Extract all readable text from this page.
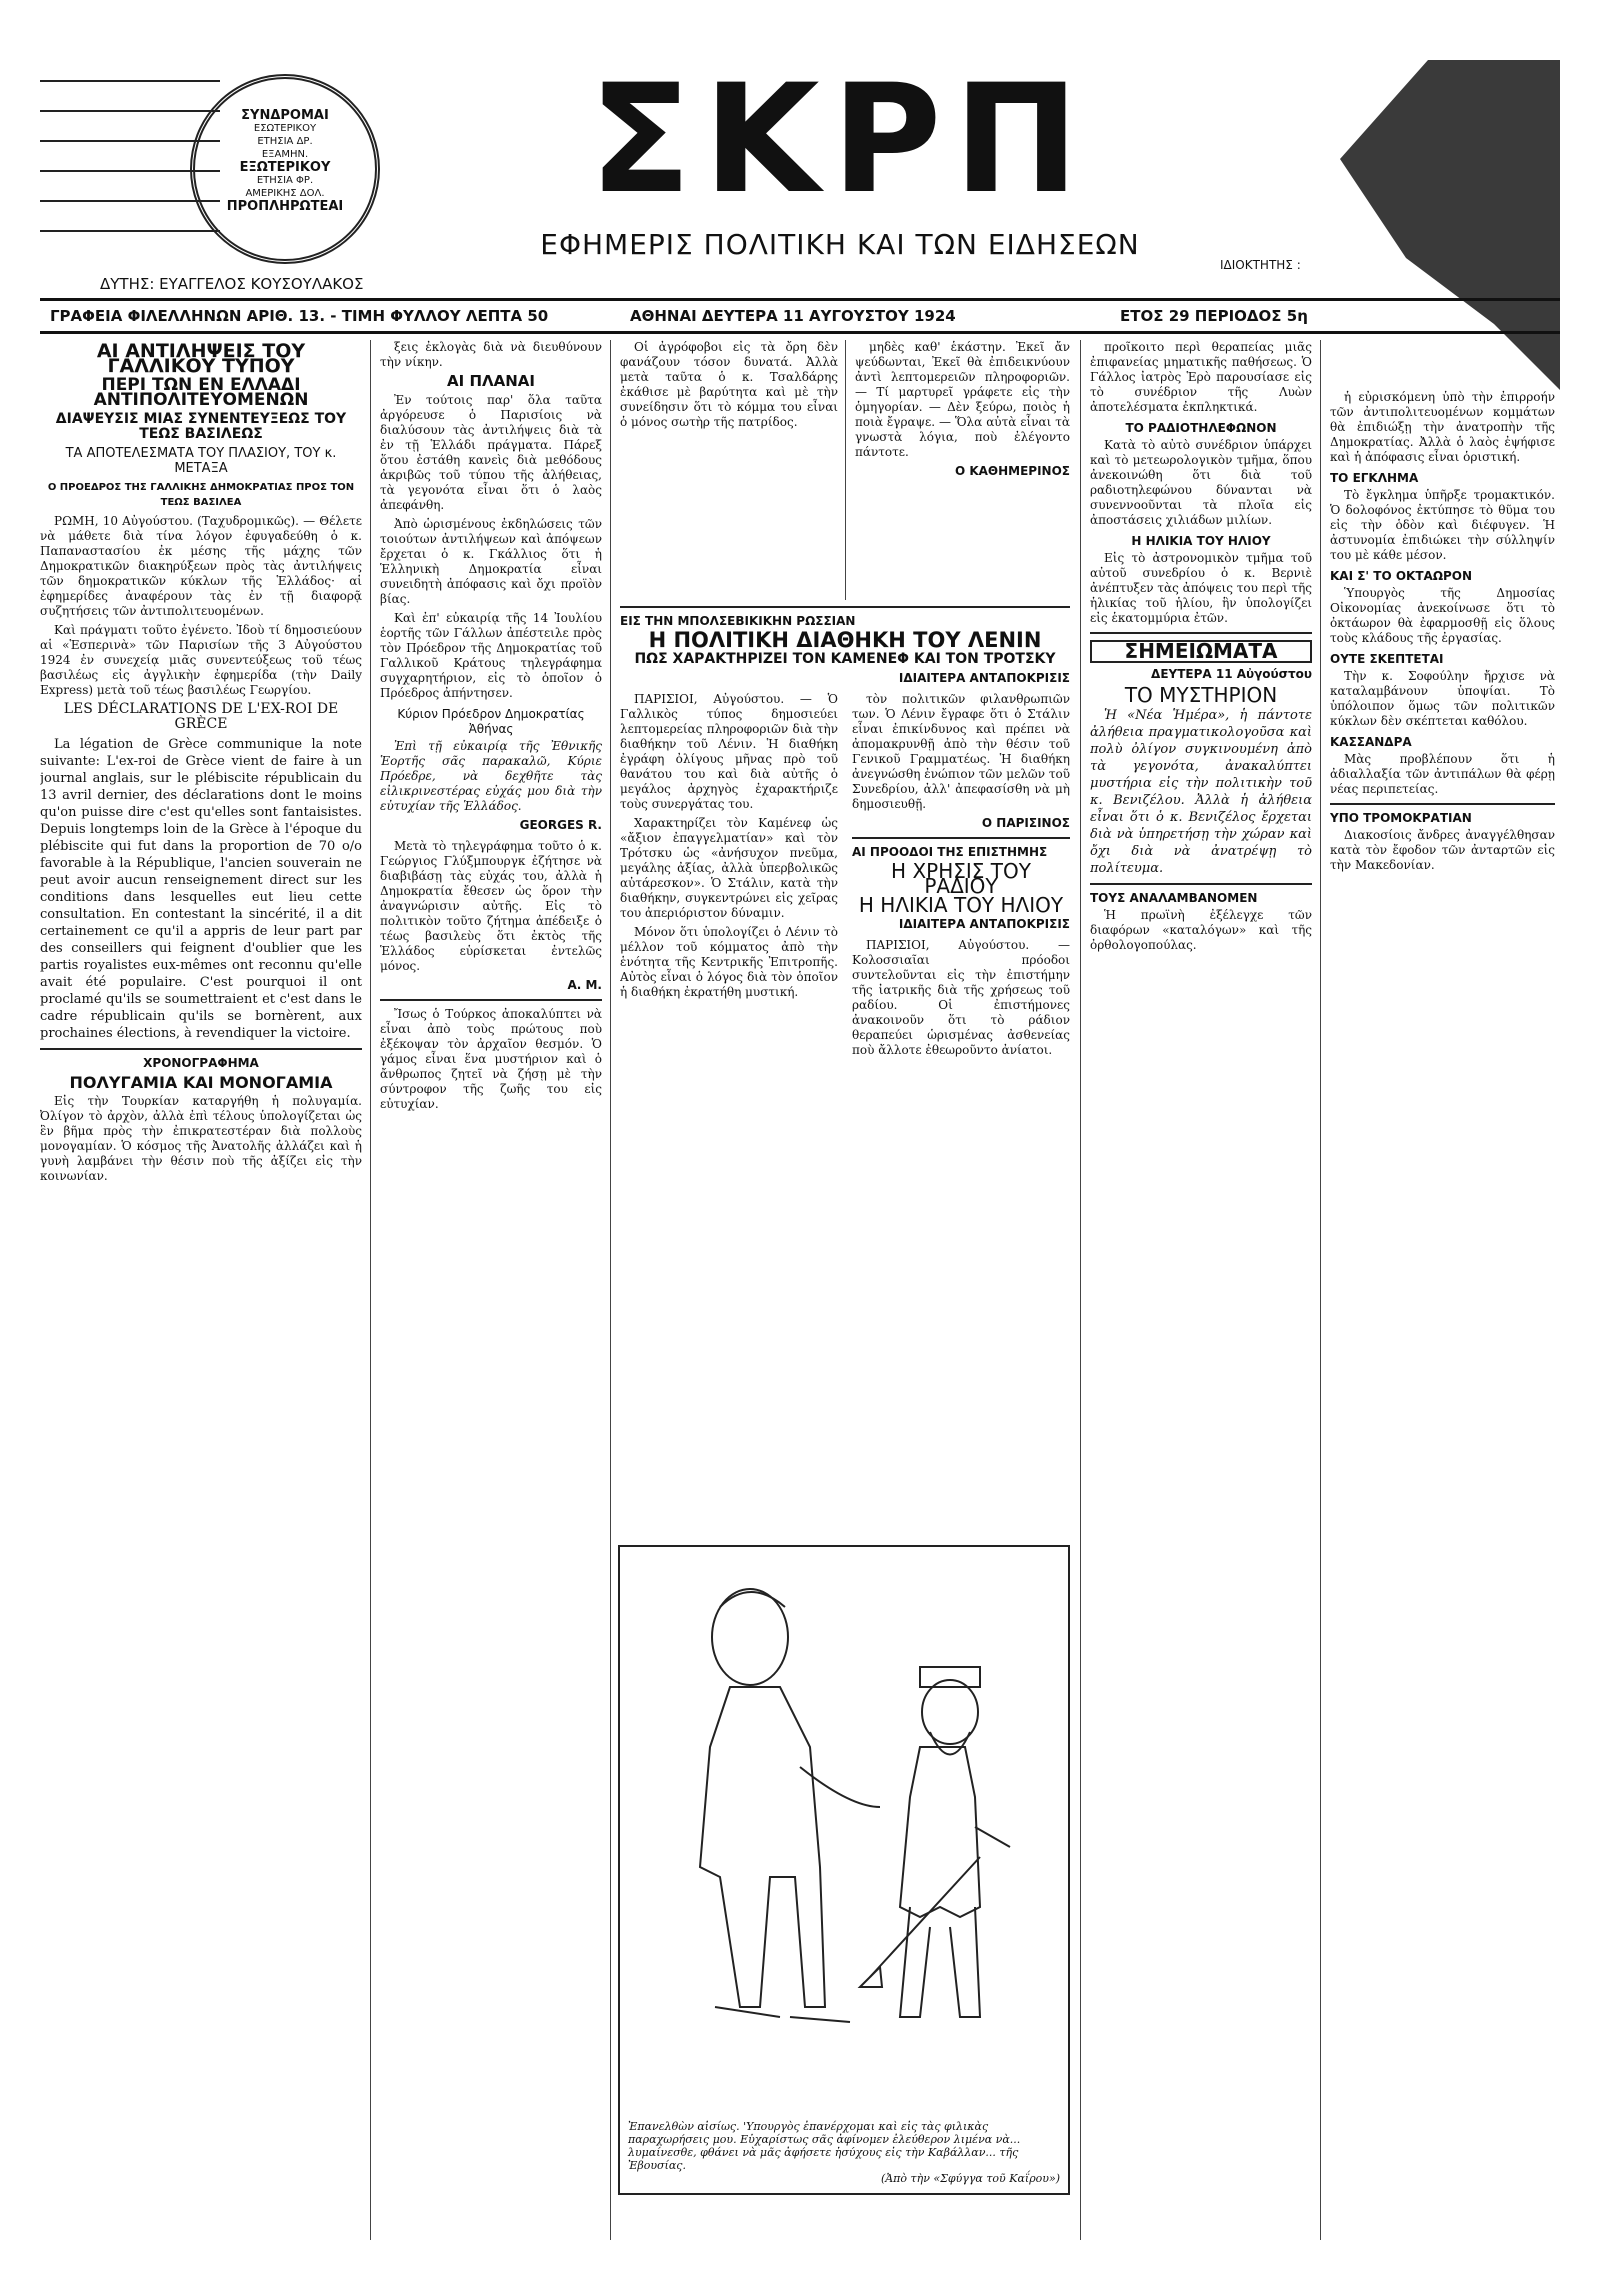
ΣΥΝΔΡΟΜΑΙ
ΕΣΩΤΕΡΙΚΟΥ
ΕΤΗΣΙΑ ΔΡ.
ΕΞΑΜΗΝ.
ΕΞΩΤΕΡΙΚΟΥ
ΕΤΗΣΙΑ ΦΡ.
ΑΜΕΡΙΚΗΣ ΔΟΛ.
ΠΡΟΠΛΗΡΩΤΕΑΙ ΣΚΡΠ
ΕΦΗΜΕΡΙΣ ΠΟΛΙΤΙΚΗ ΚΑΙ ΤΩΝ ΕΙΔΗΣΕΩΝ
ΔΥΤΗΣ: ΕΥΑΓΓΕΛΟΣ ΚΟΥΣΟΥΛΑΚΟΣ
ΙΔΙΟΚΤΗΤΗΣ :
ΓΡΑΦΕΙΑ ΦΙΛΕΛΛΗΝΩΝ ΑΡΙΘ. 13. - ΤΙΜΗ ΦΥΛΛΟΥ ΛΕΠΤΑ 50	ΑΘΗΝΑΙ ΔΕΥΤΕΡΑ 11 ΑΥΓΟΥΣΤΟΥ 1924	ΕΤΟΣ 29 ΠΕΡΙΟΔΟΣ 5η
ΑΙ ΑΝΤΙΛΗΨΕΙΣ ΤΟΥ ΓΑΛΛΙΚΟΥ ΤΥΠΟΥ
ΠΕΡΙ ΤΩΝ ΕΝ ΕΛΛΑΔΙ ΑΝΤΙΠΟΛΙΤΕΥΟΜΕΝΩΝ
ΔΙΑΨΕΥΣΙΣ ΜΙΑΣ ΣΥΝΕΝΤΕΥΞΕΩΣ ΤΟΥ ΤΕΩΣ ΒΑΣΙΛΕΩΣ
ΤΑ ΑΠΟΤΕΛΕΣΜΑΤΑ ΤΟΥ ΠΛΑΣΙΟΥ, ΤΟΥ κ. ΜΕΤΑΞΑ
Ο ΠΡΟΕΔΡΟΣ ΤΗΣ ΓΑΛΛΙΚΗΣ ΔΗΜΟΚΡΑΤΙΑΣ ΠΡΟΣ ΤΟΝ ΤΕΩΣ ΒΑΣΙΛΕΑ

ΡΩΜΗ, 10 Αὐγούστου. (Ταχυδρομικῶς). — Θέλετε νὰ μάθετε διὰ τίνα λόγον ἐφυγαδεύθη ὁ κ. Παπαναστασίου ἐκ μέσης τῆς μάχης τῶν Δημοκρατικῶν διακηρύξεων πρὸς τὰς ἀντιλήψεις τῶν δημοκρατικῶν κύκλων τῆς Ἑλλάδος· αἱ ἐφημερίδες ἀναφέρουν τὰς ἐν τῇ διαφορᾷ συζητήσεις τῶν ἀντιπολιτευομένων.

Καὶ πράγματι τοῦτο ἐγένετο. Ἰδοὺ τί δημοσιεύουν αἱ «Ἑσπερινὰ» τῶν Παρισίων τῆς 3 Αὐγούστου 1924 ἐν συνεχείᾳ μιᾶς συνεντεύξεως τοῦ τέως βασιλέως εἰς ἀγγλικὴν ἐφημερίδα (τὴν Daily Express) μετὰ τοῦ τέως βασιλέως Γεωργίου.

LES DÉCLARATIONS DE L'EX-ROI DE GRÈCE

La légation de Grèce communique la note suivante: L'ex-roi de Grèce vient de faire à un journal anglais, sur le plébiscite républicain du 13 avril dernier, des déclarations dont le moins qu'on puisse dire c'est qu'elles sont fantaisistes. Depuis longtemps loin de la Grèce à l'époque du plébiscite qui fut dans la proportion de 70 o/o favorable à la République, l'ancien souverain ne peut avoir aucun renseignement direct sur les conditions dans lesquelles eut lieu cette consultation. En contestant la sincérité, il a dit certainement ce qu'il a appris de leur part par des conseillers qui feignent d'oublier que les partis royalistes eux-mêmes ont reconnu qu'elle avait été populaire. C'est pourquoi il ont proclamé qu'ils se soumettraient et c'est dans le cadre républicain qu'ils se bornèrent, aux prochaines élections, à revendiquer la victoire.

ΧΡΟΝΟΓΡΑΦΗΜΑ
ΠΟΛΥΓΑΜΙΑ ΚΑΙ ΜΟΝΟΓΑΜΙΑ

Εἰς τὴν Τουρκίαν καταργήθη ἡ πολυγαμία. Ὀλίγον τὸ ἀρχὸν, ἀλλὰ ἐπὶ τέλους ὑπολογίζεται ὡς ἓν βῆμα πρὸς τὴν ἐπικρατεστέραν διὰ πολλοὺς μονογαμίαν. Ὁ κόσμος τῆς Ἀνατολῆς ἀλλάζει καὶ ἡ γυνὴ λαμβάνει τὴν θέσιν ποὺ τῆς ἀξίζει εἰς τὴν κοινωνίαν.

ξεις ἐκλογὰς διὰ νὰ διευθύνουν τὴν νίκην.

ΑΙ ΠΛΑΝΑΙ

Ἐν τούτοις παρ' ὅλα ταῦτα ἀργόρευσε ὁ Παρισίοις νὰ διαλύσουν τὰς ἀντιλήψεις διὰ τὰ ἐν τῇ Ἑλλάδι πράγματα. Πάρεξ ὅτου ἐστάθη κανεὶς διὰ μεθόδους ἀκριβῶς τοῦ τύπου τῆς ἀλήθειας, τὰ γεγονότα εἶναι ὅτι ὁ λαὸς ἀπεφάνθη.

Ἀπὸ ὡρισμένους ἐκδηλώσεις τῶν τοιούτων ἀντιλήψεων καὶ ἀπόψεων ἔρχεται ὁ κ. Γκάλλιος ὅτι ἡ Ἑλληνικὴ Δημοκρατία εἶναι συνειδητὴ ἀπόφασις καὶ ὄχι προϊὸν βίας.

Καὶ ἐπ' εὐκαιρίᾳ τῆς 14 Ἰουλίου ἑορτῆς τῶν Γάλλων ἀπέστειλε πρὸς τὸν Πρόεδρον τῆς Δημοκρατίας τοῦ Γαλλικοῦ Κράτους τηλεγράφημα συγχαρητήριον, εἰς τὸ ὁποῖον ὁ Πρόεδρος ἀπήντησεν.

Κύριον Πρόεδρον Δημοκρατίας Ἀθήνας

Ἐπὶ τῇ εὐκαιρίᾳ τῆς Ἐθνικῆς Ἑορτῆς σᾶς παρακαλῶ, Κύριε Πρόεδρε, νὰ δεχθῆτε τὰς εἰλικρινεστέρας εὐχάς μου διὰ τὴν εὐτυχίαν τῆς Ἑλλάδος.

GEORGES R.

Μετὰ τὸ τηλεγράφημα τοῦτο ὁ κ. Γεώργιος Γλύξμπουργκ ἐζήτησε νὰ διαβιβάσῃ τὰς εὐχάς του, ἀλλὰ ἡ Δημοκρατία ἔθεσεν ὡς ὅρον τὴν ἀναγνώρισιν αὐτῆς. Εἰς τὸ πολιτικὸν τοῦτο ζήτημα ἀπέδειξε ὁ τέως βασιλεὺς ὅτι ἐκτὸς τῆς Ἑλλάδος εὑρίσκεται ἐντελῶς μόνος.

Α. Μ.

Ἴσως ὁ Τούρκος ἀποκαλύπτει νὰ εἶναι ἀπὸ τοὺς πρώτους ποὺ ἐξέκοψαν τὸν ἀρχαῖον θεσμόν. Ὁ γάμος εἶναι ἕνα μυστήριον καὶ ὁ ἄνθρωπος ζητεῖ νὰ ζήσῃ μὲ τὴν σύντροφον τῆς ζωῆς του εἰς εὐτυχίαν.

Οἱ ἀγρόφοβοι εἰς τὰ ὄρη δὲν φανάζουν τόσον δυνατά. Ἀλλὰ μετὰ ταῦτα ὁ κ. Τσαλδάρης ἐκάθισε μὲ βαρύτητα καὶ μὲ τὴν συνείδησιν ὅτι τὸ κόμμα του εἶναι ὁ μόνος σωτὴρ τῆς πατρίδος.

μηδὲς καθ' ἑκάστην. Ἐκεῖ ἄν ψεύδωνται, Ἐκεῖ θὰ ἐπιδεικνύουν ἀντὶ λεπτομερειῶν πληροφοριῶν. — Τί μαρτυρεῖ γράφετε εἰς τὴν ὁμηγορίαν. — Δὲν ξεύρω, ποιὸς ἡ ποιὰ ἔγραψε. — Ὅλα αὐτὰ εἶναι τὰ γνωστὰ λόγια, ποὺ ἐλέγοντο πάντοτε.

Ο ΚΑΘΗΜΕΡΙΝΟΣ
ΕΙΣ ΤΗΝ ΜΠΟΛΣΕΒΙΚΙΚΗΝ ΡΩΣΣΙΑΝ
Η ΠΟΛΙΤΙΚΗ ΔΙΑΘΗΚΗ ΤΟΥ ΛΕΝΙΝ
ΠΩΣ ΧΑΡΑΚΤΗΡΙΖΕΙ ΤΟΝ ΚΑΜΕΝΕΦ ΚΑΙ ΤΟΝ ΤΡΟΤΣΚΥ
ΙΔΙΑΙΤΕΡΑ ΑΝΤΑΠΟΚΡΙΣΙΣ

ΠΑΡΙΣΙΟΙ, Αὐγούστου. — Ὁ Γαλλικὸς τύπος δημοσιεύει λεπτομερείας πληροφοριῶν διὰ τὴν διαθήκην τοῦ Λένιν. Ἡ διαθήκη ἐγράφη ὀλίγους μῆνας πρὸ τοῦ θανάτου του καὶ διὰ αὐτῆς ὁ μεγάλος ἀρχηγὸς ἐχαρακτήριζε τοὺς συνεργάτας του.

Χαρακτηρίζει τὸν Καμένεφ ὡς «ἄξιον ἐπαγγελματίαν» καὶ τὸν Τρότσκυ ὡς «ἀνήσυχον πνεῦμα, μεγάλης ἀξίας, ἀλλὰ ὑπερβολικῶς αὐτάρεσκον». Ὁ Στάλιν, κατὰ τὴν διαθήκην, συγκεντρώνει εἰς χεῖρας του ἀπεριόριστον δύναμιν.

Μόνον ὅτι ὑπολογίζει ὁ Λένιν τὸ μέλλον τοῦ κόμματος ἀπὸ τὴν ἑνότητα τῆς Κεντρικῆς Ἐπιτροπῆς. Αὐτὸς εἶναι ὁ λόγος διὰ τὸν ὁποῖον ἡ διαθήκη ἐκρατήθη μυστική.

τὸν πολιτικῶν φιλανθρωπιῶν των. Ὁ Λένιν ἔγραφε ὅτι ὁ Στάλιν εἶναι ἐπικίνδυνος καὶ πρέπει νὰ ἀπομακρυνθῇ ἀπὸ τὴν θέσιν τοῦ Γενικοῦ Γραμματέως. Ἡ διαθήκη ἀνεγνώσθη ἐνώπιον τῶν μελῶν τοῦ Συνεδρίου, ἀλλ' ἀπεφασίσθη νὰ μὴ δημοσιευθῇ.

Ο ΠΑΡΙΣΙΝΟΣ
ΑΙ ΠΡΟΟΔΟΙ ΤΗΣ ΕΠΙΣΤΗΜΗΣ
Η ΧΡΗΣΙΣ ΤΟΥ ΡΑΔΙΟΥ
Η ΗΛΙΚΙΑ ΤΟΥ ΗΛΙΟΥ
ΙΔΙΑΙΤΕΡΑ ΑΝΤΑΠΟΚΡΙΣΙΣ

ΠΑΡΙΣΙΟΙ, Αὐγούστου. — Κολοσσιαῖαι πρόοδοι συντελοῦνται εἰς τὴν ἐπιστήμην τῆς ἰατρικῆς διὰ τῆς χρήσεως τοῦ ραδίου. Οἱ ἐπιστήμονες ἀνακοινοῦν ὅτι τὸ ράδιον θεραπεύει ὡρισμένας ἀσθενείας ποὺ ἄλλοτε ἐθεωροῦντο ἀνίατοι.

Ἐπανελθὼν αἰσίως. 'Υπουργὸς ἐπανέρχομαι καὶ εἰς τὰς φιλικὰς παραχωρήσεις μου. Εὐχαρίστως σᾶς ἀφίνομεν ἐλεύθερον λιμένα νὰ... λυμαίνεσθε, φθάνει νὰ μᾶς ἀφήσετε ἡσύχους εἰς τὴν Καβάλλαν... τῆς Ἐβουσίας.
(Ἀπὸ τὴν «Σφύγγα τοῦ Καΐρου»)

προῖκοιτο περὶ θεραπείας μιᾶς ἐπιφανείας μηματικῆς παθήσεως. Ὁ Γάλλος ἰατρὸς Ἑρὸ παρουσίασε εἰς τὸ συνέδριον τῆς Λυὼν ἀποτελέσματα ἐκπληκτικά.

ΤΟ ΡΑΔΙΟΤΗΛΕΦΩΝΟΝ

Κατὰ τὸ αὐτὸ συνέδριον ὑπάρχει καὶ τὸ μετεωρολογικὸν τμῆμα, ὅπου ἀνεκοινώθη ὅτι διὰ τοῦ ραδιοτηλεφώνου δύνανται νὰ συνεννοοῦνται τὰ πλοῖα εἰς ἀποστάσεις χιλιάδων μιλίων.

Η ΗΛΙΚΙΑ ΤΟΥ ΗΛΙΟΥ

Εἰς τὸ ἀστρονομικὸν τμῆμα τοῦ αὐτοῦ συνεδρίου ὁ κ. Βερνιὲ ἀνέπτυξεν τὰς ἀπόψεις του περὶ τῆς ἡλικίας τοῦ ἡλίου, ἣν ὑπολογίζει εἰς ἑκατομμύρια ἐτῶν.

ΣΗΜΕΙΩΜΑΤΑ
ΔΕΥΤΕΡΑ 11 Αὐγούστου
ΤΟ ΜΥΣΤΗΡΙΟΝ

Ἡ «Νέα Ἡμέρα», ἡ πάντοτε ἀλήθεια πραγματικολογοῦσα καὶ πολὺ ὀλίγον συγκινουμένη ἀπὸ τὰ γεγονότα, ἀνακαλύπτει μυστήρια εἰς τὴν πολιτικὴν τοῦ κ. Βενιζέλου. Ἀλλὰ ἡ ἀλήθεια εἶναι ὅτι ὁ κ. Βενιζέλος ἔρχεται διὰ νὰ ὑπηρετήσῃ τὴν χώραν καὶ ὄχι διὰ νὰ ἀνατρέψῃ τὸ πολίτευμα.

ΤΟΥΣ ΑΝΑΛΑΜΒΑΝΟΜΕΝ

Ἡ πρωϊνὴ ἐξέλεγχε τῶν διαφόρων «καταλόγων» καὶ τῆς ὀρθολογοπούλας.

ἡ εὐρισκόμενη ὑπὸ τὴν ἐπιρροήν τῶν ἀντιπολιτευομένων κομμάτων θὰ ἐπιδιώξῃ τὴν ἀνατροπὴν τῆς Δημοκρατίας. Ἀλλὰ ὁ λαὸς ἐψήφισε καὶ ἡ ἀπόφασις εἶναι ὁριστική.

ΤΟ ΕΓΚΛΗΜΑ

Τὸ ἔγκλημα ὑπῆρξε τρομακτικόν. Ὁ δολοφόνος ἐκτύπησε τὸ θῦμα του εἰς τὴν ὁδὸν καὶ διέφυγεν. Ἡ ἀστυνομία ἐπιδιώκει τὴν σύλληψίν του μὲ κάθε μέσον.

ΚΑΙ Σ' ΤΟ ΟΚΤΑΩΡΟΝ

Ὑπουργὸς τῆς Δημοσίας Οἰκονομίας ἀνεκοίνωσε ὅτι τὸ ὀκτάωρον θὰ ἐφαρμοσθῇ εἰς ὅλους τοὺς κλάδους τῆς ἐργασίας.

ΟΥΤΕ ΣΚΕΠΤΕΤΑΙ

Τὴν κ. Σοφούλην ἤρχισε νὰ καταλαμβάνουν ὑποψίαι. Τὸ ὑπόλοιπον ὅμως τῶν πολιτικῶν κύκλων δὲν σκέπτεται καθόλου.

ΚΑΣΣΑΝΔΡΑ

Μὰς προβλέπουν ὅτι ἡ ἀδιαλλαξία τῶν ἀντιπάλων θὰ φέρῃ νέας περιπετείας.

ΥΠΟ ΤΡΟΜΟΚΡΑΤΙΑΝ

Διακοσίοις ἄνδρες ἀναγγέλθησαν κατὰ τὸν ἔφοδον τῶν ἀνταρτῶν εἰς τὴν Μακεδονίαν.
